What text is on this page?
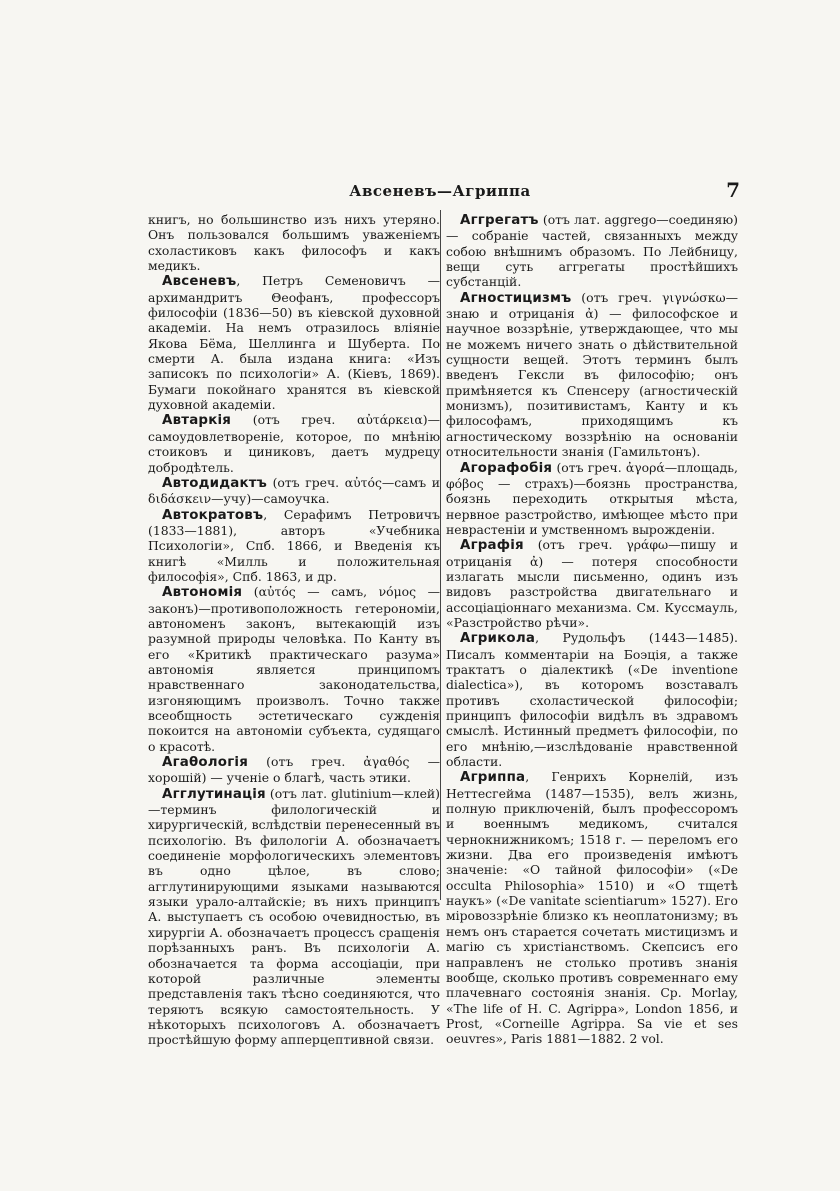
Авсеневъ—Агриппа	7

книгъ, но большинство изъ нихъ утеряно. Онъ пользовался большимъ уваженіемъ схоластиковъ какъ философъ и какъ медикъ.

Авсеневъ, Петръ Семеновичъ — архимандритъ Θеофанъ, профессоръ философіи (1836—50) въ кіевской духовной академіи. На немъ отразилось вліяніе Якова Бёма, Шеллинга и Шуберта. По смерти А. была издана книга: «Изъ записокъ по психологіи» А. (Кіевъ, 1869). Бумаги покойнаго хранятся въ кіевской духовной академіи.

Автаркія (отъ греч. αὐτάρκεια)—самоудовлетвореніе, которое, по мнѣнію стоиковъ и циниковъ, даетъ мудрецу добродѣтель.

Автодидактъ (отъ греч. αὐτός—самъ и διδάσκειν—учу)—самоучка.

Автократовъ, Серафимъ Петровичъ (1833—1881), авторъ «Учебника Психологіи», Спб. 1866, и Введенія къ книгѣ «Милль и положительная философія», Спб. 1863, и др.

Автономія (αὐτός — самъ, νόμος — законъ)—противоположность гетерономіи, автономенъ законъ, вытекающій изъ разумной природы человѣка. По Канту въ его «Критикѣ практическаго разума» автономія является принципомъ нравственнаго законодательства, изгоняющимъ произволъ. Точно также всеобщность эстетическаго сужденія покоится на автономіи субъекта, судящаго о красотѣ.

Агаθологія (отъ греч. ἀγαθός — хорошій) — ученіе о благѣ, часть этики.

Агглутинація (отъ лат. glutinium—клей)—терминъ филологическій и хирургическій, вслѣдствіи перенесенный въ психологію. Въ филологіи А. обозначаетъ соединеніе морфологическихъ элементовъ въ одно цѣлое, въ слово; агглутинирующими языками называются языки урало-алтайскіе; въ нихъ принципъ А. выступаетъ съ особою очевидностью, въ хирургіи А. обозначаетъ процессъ сращенія порѣзанныхъ ранъ. Въ психологіи А. обозначается та форма ассоціаціи, при которой различные элементы представленія такъ тѣсно соединяются, что теряютъ всякую самостоятельность. У нѣкоторыхъ психологовъ А. обозначаетъ простѣйшую форму апперцептивной связи.

Аггрегатъ (отъ лат. aggrego—соединяю) — собраніе частей, связанныхъ между собою внѣшнимъ образомъ. По Лейбницу, вещи суть аггрегаты простѣйшихъ субстанцій.

Агностицизмъ (отъ греч. γιγνώσκω—знаю и отрицанія ἀ) — философское и научное воззрѣніе, утверждающее, что мы не можемъ ничего знать о дѣйствительной сущности вещей. Этотъ терминъ былъ введенъ Гексли въ философію; онъ примѣняется къ Спенсеру (агностическій монизмъ), позитивистамъ, Канту и къ философамъ, приходящимъ къ агностическому воззрѣнію на основаніи относительности знанія (Гамильтонъ).

Агорафобія (отъ греч. ἀγορά—площадь, φόβος — страхъ)—боязнь пространства, боязнь переходить открытыя мѣста, нервное разстройство, имѣющее мѣсто при неврастеніи и умственномъ вырожденіи.

Аграфія (отъ греч. γράφω—пишу и отрицанія ἀ) — потеря способности излагать мысли письменно, одинъ изъ видовъ разстройства двигательнаго и ассоціаціоннаго механизма. См. Куссмауль, «Разстройство рѣчи».

Агрикола, Рудольфъ (1443—1485). Писалъ комментаріи на Боэція, а также трактатъ о діалектикѣ («De inventione dialectica»), въ которомъ возставалъ противъ схоластической философіи; принципъ философіи видѣлъ въ здравомъ смыслѣ. Истинный предметъ философіи, по его мнѣнію,—изслѣдованіе нравственной области.

Агриппа, Генрихъ Корнелій, изъ Неттесгейма (1487—1535), велъ жизнь, полную приключеній, былъ профессоромъ и военнымъ медикомъ, считался чернокнижникомъ; 1518 г. — переломъ его жизни. Два его произведенія имѣютъ значеніе: «О тайной философіи» («De occulta Philosophia» 1510) и «О тщетѣ наукъ» («De vanitate scientiarum» 1527). Его міровоззрѣніе близко къ неоплатонизму; въ немъ онъ старается сочетать мистицизмъ и магію съ христіанствомъ. Скепсисъ его направленъ не столько противъ знанія вообще, сколько противъ современнаго ему плачевнаго состоянія знанія. Ср. Morlay, «The life of H. C. Agrippa», London 1856, и Prost, «Corneille Agrippa. Sa vie et ses oeuvres», Paris 1881—1882. 2 vol.
